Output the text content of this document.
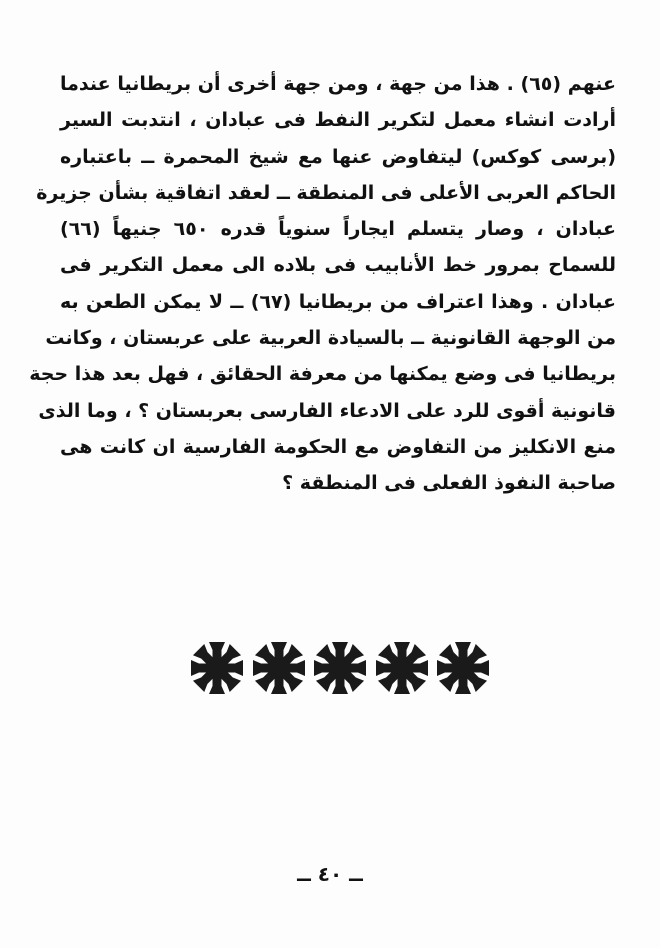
عنهم (٦٥) . هذا من جهة ، ومن جهة أخرى أن بريطانيا عندما
أرادت انشاء معمل لتكرير النفط فى عبادان ، انتدبت السير
(برسى كوكس) ليتفاوض عنها مع شيخ المحمرة ــ باعتباره
الحاكم العربى الأعلى فى المنطقة ــ لعقد اتفاقية بشأن جزيرة
عبادان ، وصار يتسلم ايجاراً سنوياً قدره ٦٥٠ جنيهاً (٦٦)
للسماح بمرور خط الأنابيب فى بلاده الى معمل التكرير فى
عبادان . وهذا اعتراف من بريطانيا (٦٧) ــ لا يمكن الطعن به
من الوجهة القانونية ــ بالسيادة العربية على عربستان ، وكانت
بريطانيا فى وضع يمكنها من معرفة الحقائق ، فهل بعد هذا حجة
قانونية أقوى للرد على الادعاء الفارسى بعربستان ؟ ، وما الذى
منع الانكليز من التفاوض مع الحكومة الفارسية ان كانت هى
صاحبة النفوذ الفعلى فى المنطقة ؟
ــ ٤٠ ــ
